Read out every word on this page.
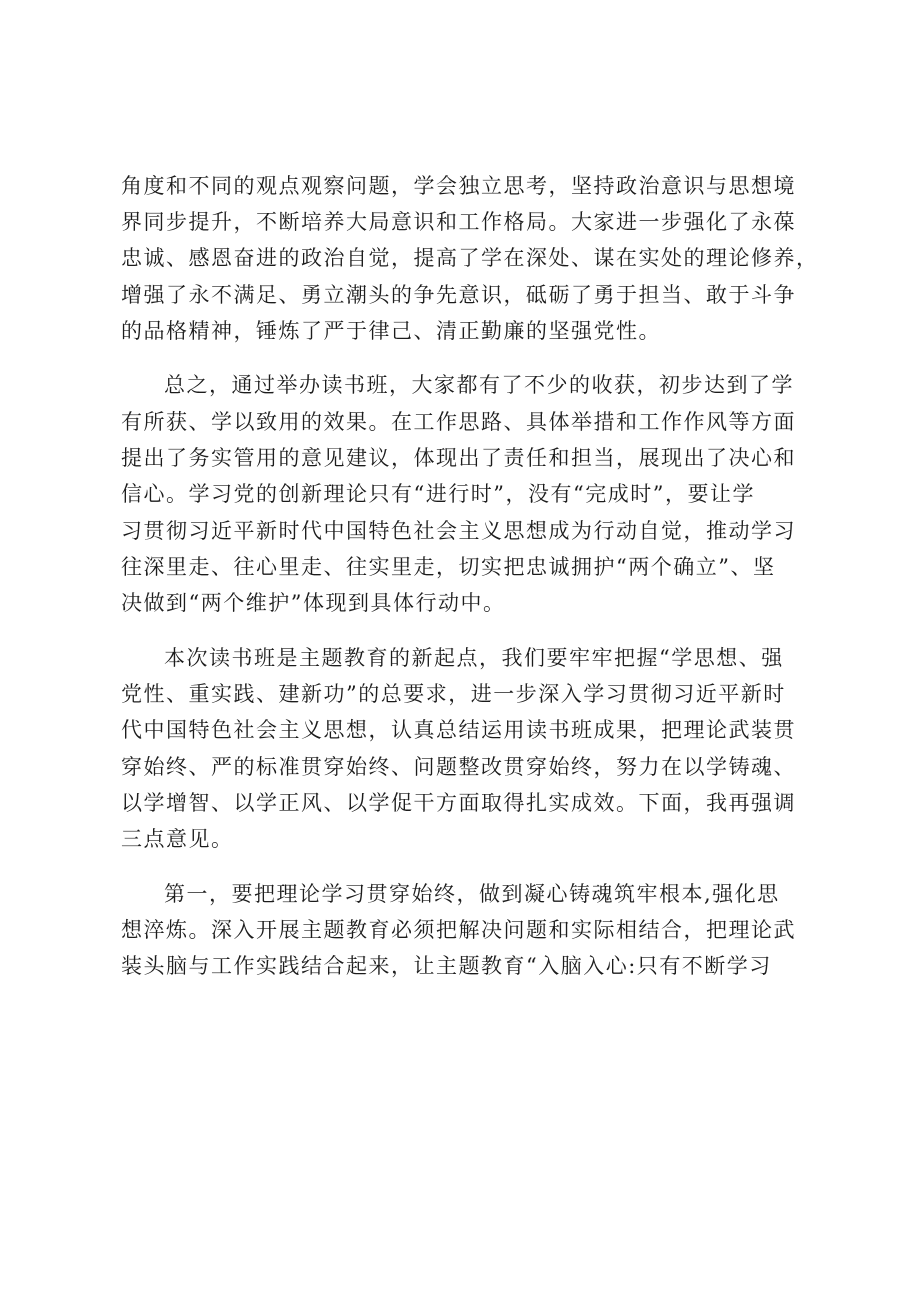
角度和不同的观点观察问题，学会独立思考，坚持政治意识与思想境
界同步提升，不断培养大局意识和工作格局。大家进一步强化了永葆
忠诚、感恩奋进的政治自觉，提高了学在深处、谋在实处的理论修养，
增强了永不满足、勇立潮头的争先意识，砥砺了勇于担当、敢于斗争
的品格精神，锤炼了严于律己、清正勤廉的坚强党性。
总之，通过举办读书班，大家都有了不少的收获，初步达到了学
有所获、学以致用的效果。在工作思路、具体举措和工作作风等方面
提出了务实管用的意见建议，体现出了责任和担当，展现出了决心和
信心。学习党的创新理论只有“进行时”，没有“完成时”，要让学
习贯彻习近平新时代中国特色社会主义思想成为行动自觉，推动学习
往深里走、往心里走、往实里走，切实把忠诚拥护“两个确立”、坚
决做到“两个维护”体现到具体行动中。
本次读书班是主题教育的新起点，我们要牢牢把握“学思想、强
党性、重实践、建新功”的总要求，进一步深入学习贯彻习近平新时
代中国特色社会主义思想，认真总结运用读书班成果，把理论武装贯
穿始终、严的标准贯穿始终、问题整改贯穿始终，努力在以学铸魂、
以学增智、以学正风、以学促干方面取得扎实成效。下面，我再强调
三点意见。
第一，要把理论学习贯穿始终，做到凝心铸魂筑牢根本,强化思
想淬炼。深入开展主题教育必须把解决问题和实际相结合，把理论武
装头脑与工作实践结合起来，让主题教育“入脑入心:只有不断学习
